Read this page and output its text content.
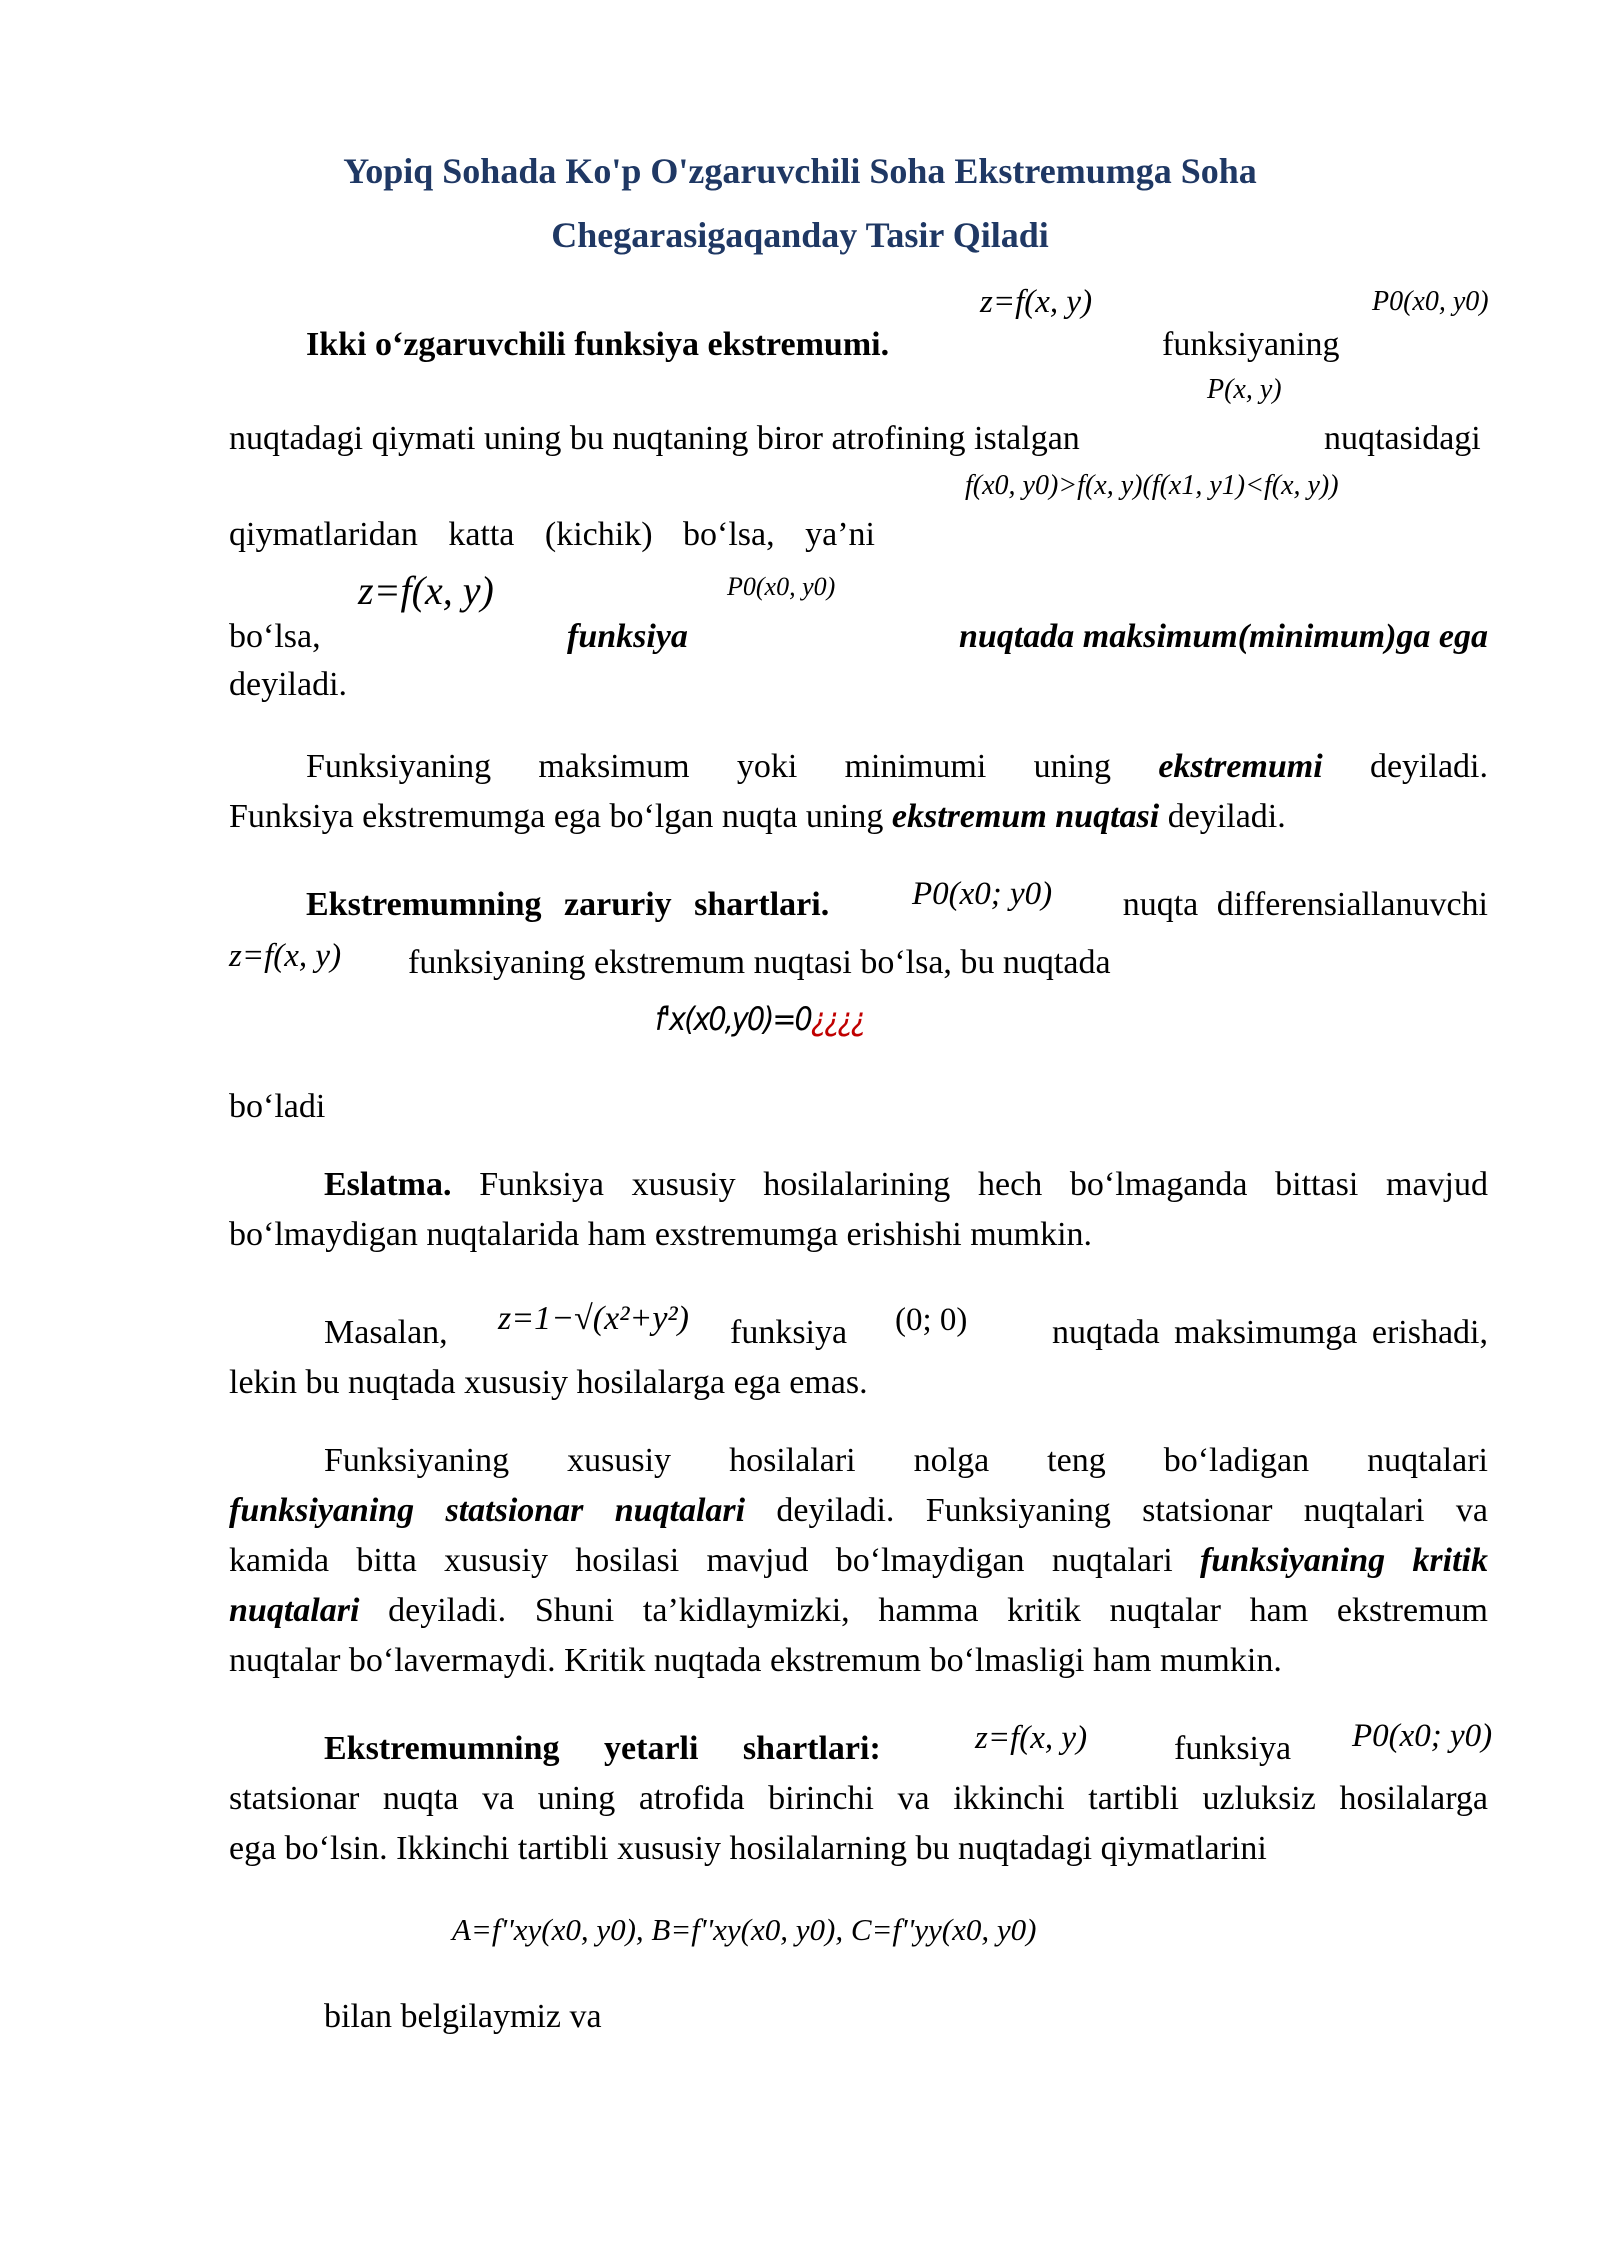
Yopiq Sohada Ko'p O'zgaruvchili Soha Ekstremumga Soha
Chegarasigaqanday Tasir Qiladi
z=f(x, y)	P0(x0, y0)
Ikki o‘zgaruvchili funksiya ekstremumi.	funksiyaning
P(x, y)
nuqtadagi qiymati uning bu nuqtaning biror atrofining istalgan	nuqtasidagi
f(x0, y0)>f(x, y)(f(x1, y1)<f(x, y))
qiymatlaridan katta (kichik) bo‘lsa, ya’ni
z=f(x, y)	P0(x0, y0)
bo‘lsa,	funksiya	nuqtada maksimum(minimum)ga ega
deyiladi.
Funksiyaning maksimum yoki minimumi uning ekstremumi deyiladi.
Funksiya ekstremumga ega bo‘lgan nuqta uning ekstremum nuqtasi deyiladi.
Ekstremumning zaruriy shartlari.	P0(x0; y0)	nuqta differensiallanuvchi
z=f(x, y) funksiyaning ekstremum nuqtasi bo‘lsa, bu nuqtada
f'x(x0,y0)=0¿¿¿¿
bo‘ladi
Eslatma. Funksiya xususiy hosilalarining hech bo‘lmaganda bittasi mavjud
bo‘lmaydigan nuqtalarida ham exstremumga erishishi mumkin.
Masalan, z=1−√(x²+y²) funksiya (0; 0)	nuqtada maksimumga erishadi,
lekin bu nuqtada xususiy hosilalarga ega emas.
Funksiyaning xususiy hosilalari nolga teng bo‘ladigan nuqtalari
funksiyaning statsionar nuqtalari deyiladi. Funksiyaning statsionar nuqtalari va
kamida bitta xususiy hosilasi mavjud bo‘lmaydigan nuqtalari funksiyaning kritik
nuqtalari deyiladi. Shuni ta’kidlaymizki, hamma kritik nuqtalar ham ekstremum
nuqtalar bo‘lavermaydi. Kritik nuqtada ekstremum bo‘lmasligi ham mumkin.
Ekstremumning yetarli shartlari:	z=f(x, y)	funksiya P0(x0; y0)
statsionar nuqta va uning atrofida birinchi va ikkinchi tartibli uzluksiz hosilalarga
ega bo‘lsin. Ikkinchi tartibli xususiy hosilalarning bu nuqtadagi qiymatlarini
A=f''xy(x0, y0), B=f''xy(x0, y0), C=f''yy(x0, y0)
bilan belgilaymiz va
